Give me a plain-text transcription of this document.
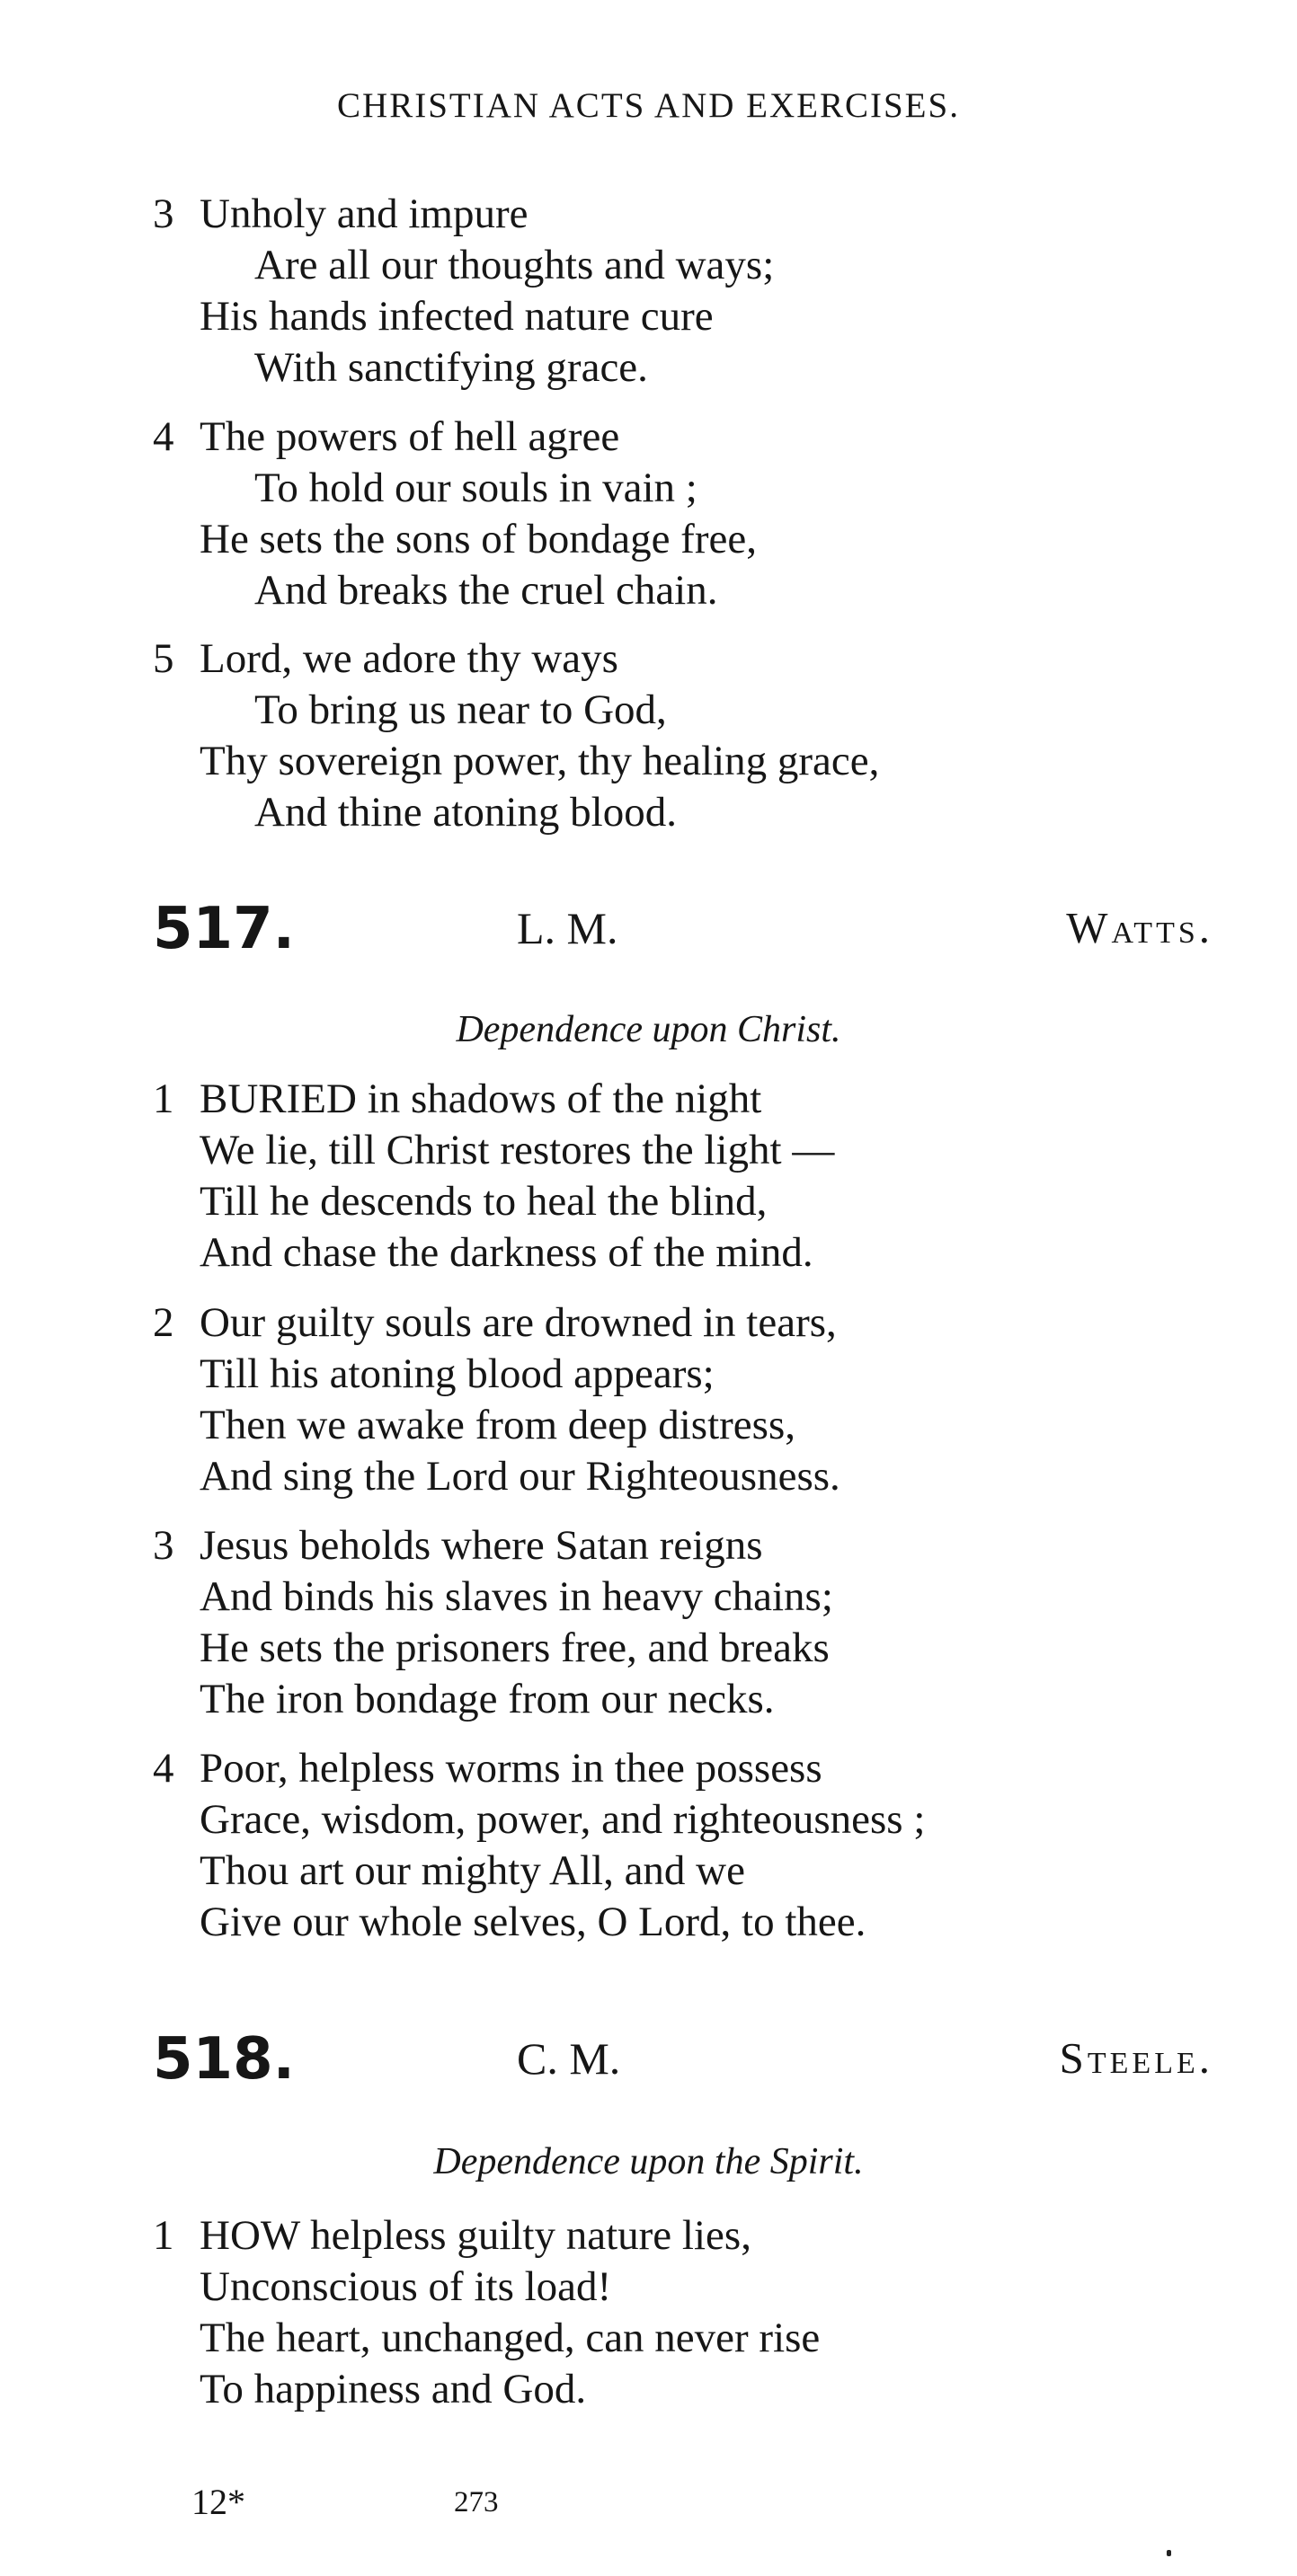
CHRISTIAN ACTS AND EXERCISES.
3 Unholy and impure
Are all our thoughts and ways;
His hands infected nature cure
With sanctifying grace.
4 The powers of hell agree
To hold our souls in vain ;
He sets the sons of bondage free,
And breaks the cruel chain.
5 Lord, we adore thy ways
To bring us near to God,
Thy sovereign power, thy healing grace,
And thine atoning blood.
517.	L. M.	Watts.
Dependence upon Christ.
1 BURIED in shadows of the night
We lie, till Christ restores the light —
Till he descends to heal the blind,
And chase the darkness of the mind.
2 Our guilty souls are drowned in tears,
Till his atoning blood appears;
Then we awake from deep distress,
And sing the Lord our Righteousness.
3 Jesus beholds where Satan reigns
And binds his slaves in heavy chains;
He sets the prisoners free, and breaks
The iron bondage from our necks.
4 Poor, helpless worms in thee possess
Grace, wisdom, power, and righteousness ;
Thou art our mighty All, and we
Give our whole selves, O Lord, to thee.
518.	C. M.	Steele.
Dependence upon the Spirit.
1 HOW helpless guilty nature lies,
Unconscious of its load!
The heart, unchanged, can never rise
To happiness and God.
12*	273
